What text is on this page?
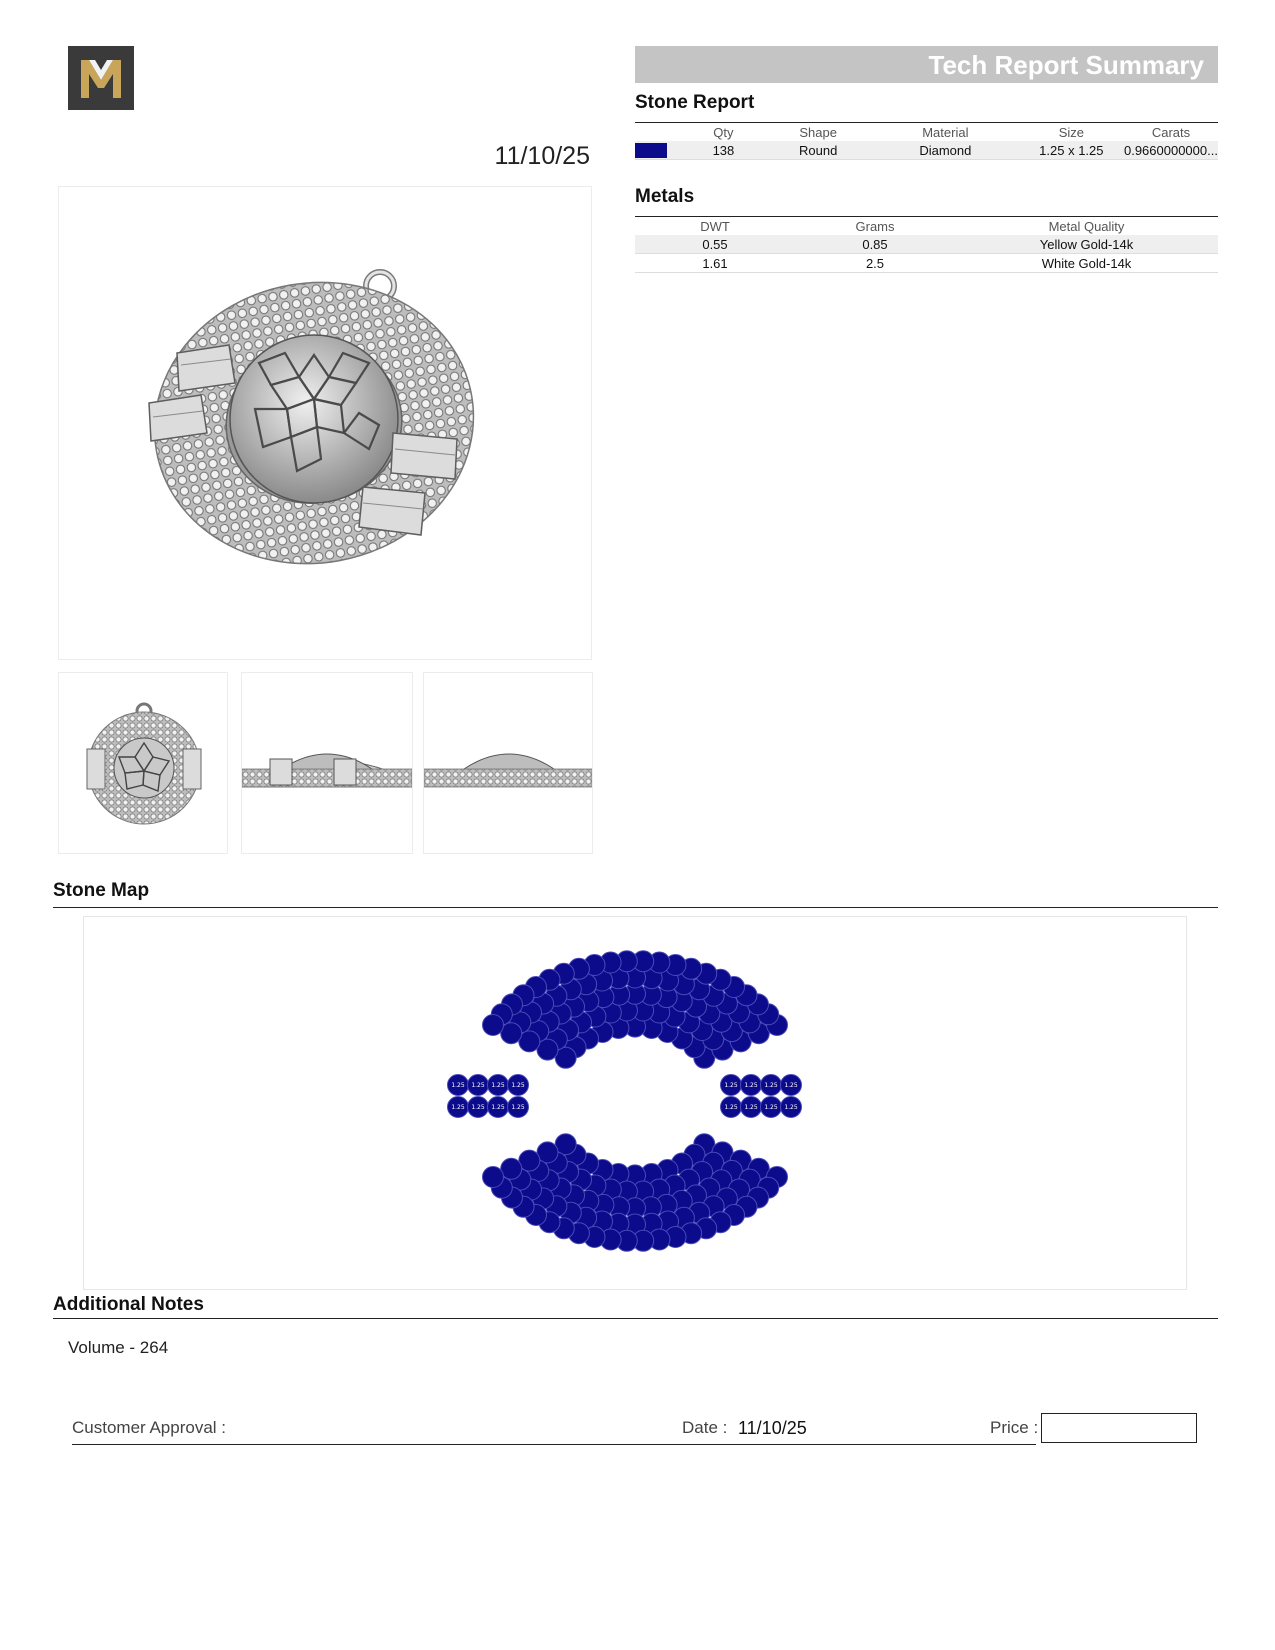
11/10/25
Tech Report Summary
Stone Report
	Qty	Shape	Material	Size	Carats

	138	Round	Diamond	1.25 x 1.25	0.9660000000...
Metals
DWT	Grams	Metal Quality
0.55	0.85	Yellow Gold-14k
1.61	2.5	White Gold-14k
Stone Map
1.25 1.25 1.25 1.25
1.25 1.25 1.25 1.25
1.25 1.25 1.25 1.25
1.25 1.25 1.25 1.25
Additional Notes
Volume - 264
Customer Approval :	Date : 11/10/25	Price :
